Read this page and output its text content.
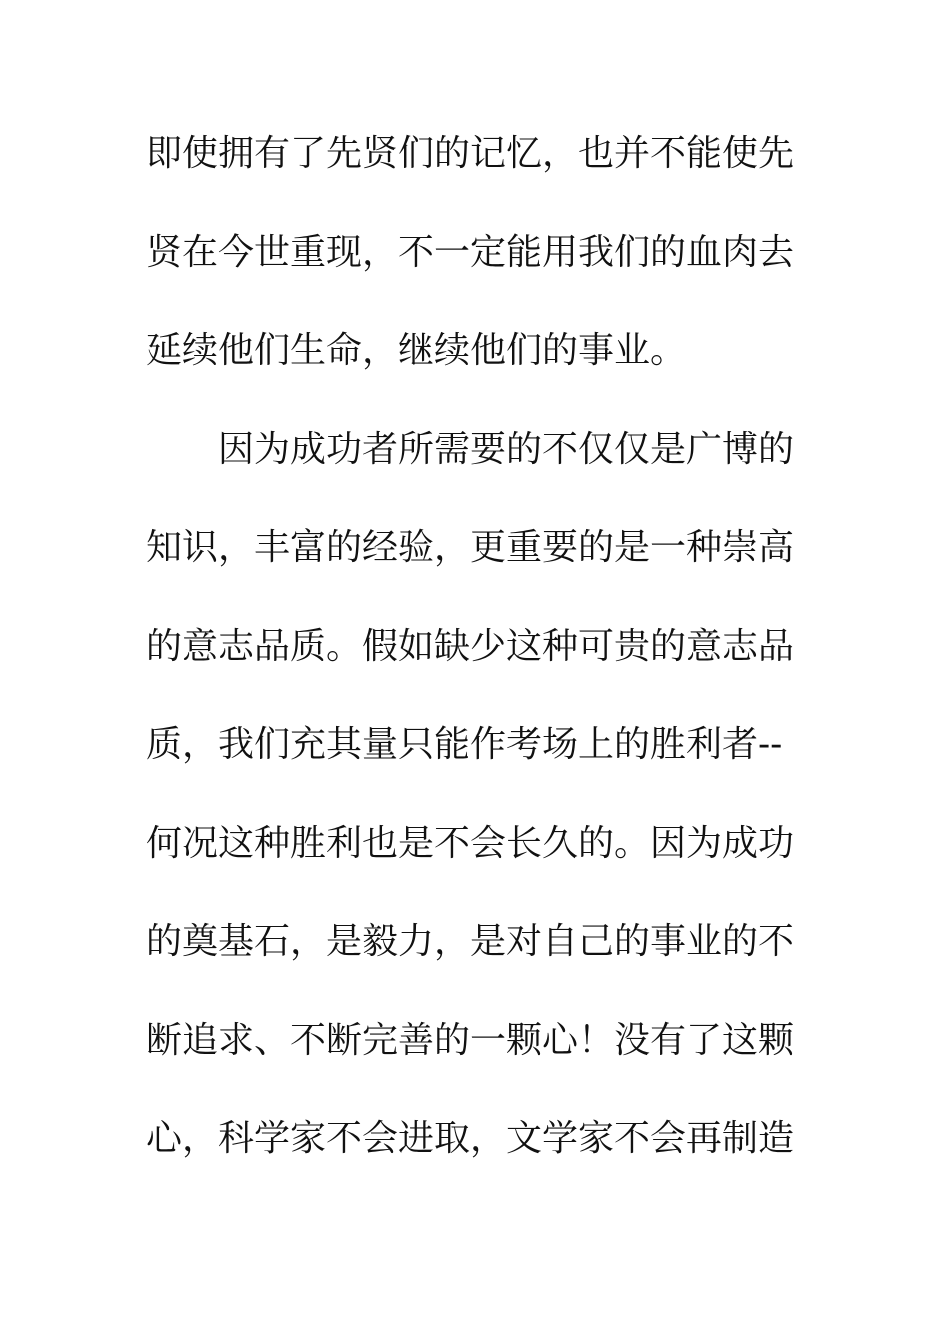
即使拥有了先贤们的记忆，也并不能使先
贤在今世重现，不一定能用我们的血肉去
延续他们生命，继续他们的事业。
因为成功者所需要的不仅仅是广博的
知识，丰富的经验，更重要的是一种崇高
的意志品质。假如缺少这种可贵的意志品
质，我们充其量只能作考场上的胜利者--
何况这种胜利也是不会长久的。因为成功
的奠基石，是毅力，是对自己的事业的不
断追求、不断完善的一颗心！没有了这颗
心，科学家不会进取，文学家不会再制造
